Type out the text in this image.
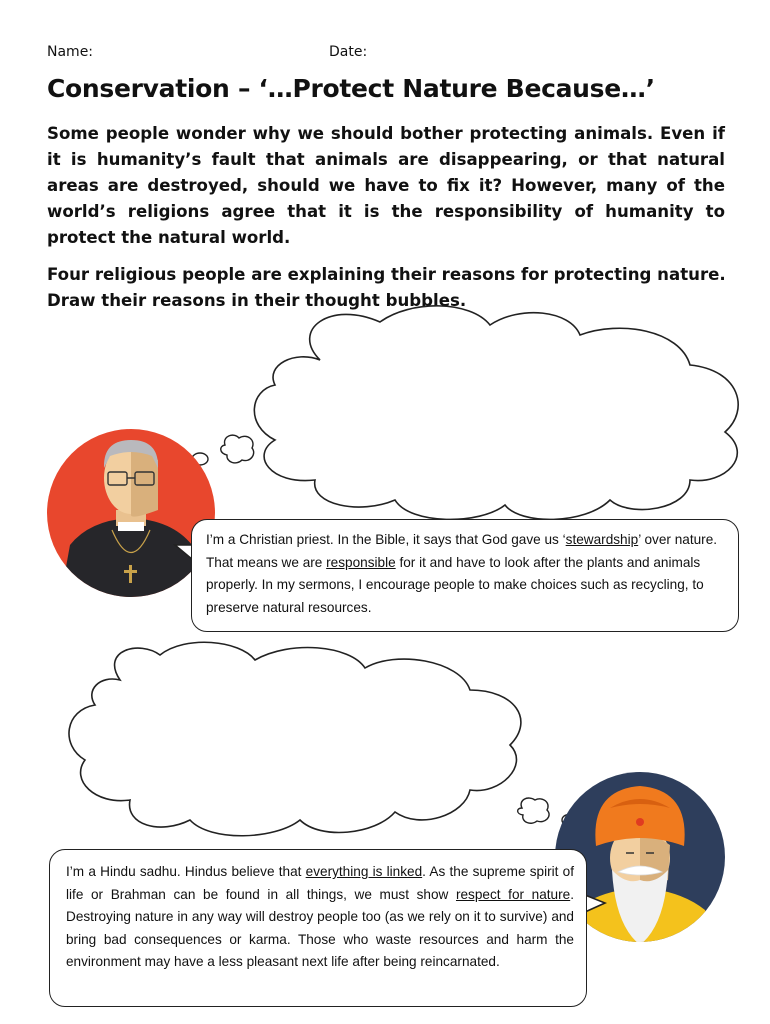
Name:	Date:
Conservation – ‘…Protect Nature Because…’

Some people wonder why we should bother protecting animals. Even if it is humanity’s fault that animals are disappearing, or that natural areas are destroyed, should we have to fix it? However, many of the world’s religions agree that it is the responsibility of humanity to protect the natural world.

Four religious people are explaining their reasons for protecting nature. Draw their reasons in their thought bubbles.

I’m a Christian priest. In the Bible, it says that God gave us ‘stewardship’ over nature. That means we are responsible for it and have to look after the plants and animals properly. In my sermons, I encourage people to make choices such as recycling, to preserve natural resources.

I’m a Hindu sadhu. Hindus believe that everything is linked. As the supreme spirit of life or Brahman can be found in all things, we must show respect for nature. Destroying nature in any way will destroy people too (as we rely on it to survive) and bring bad consequences or karma. Those who waste resources and harm the environment may have a less pleasant next life after being reincarnated.
